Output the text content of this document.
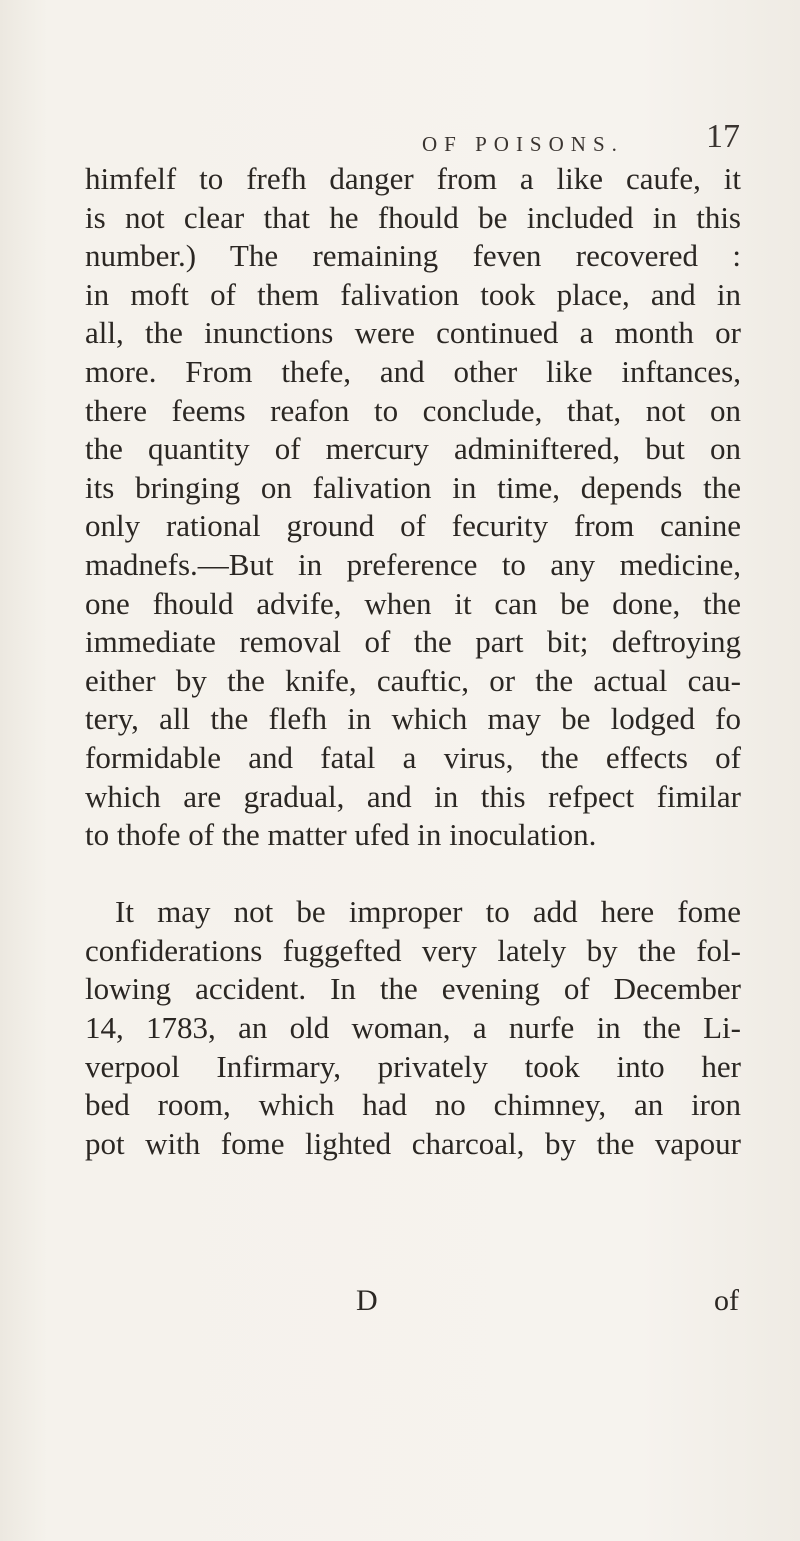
OF POISONS. 17
himfelf to frefh danger from a like caufe, it
is not clear that he fhould be included in this
number.) The remaining feven recovered :
in moft of them falivation took place, and in
all, the inunctions were continued a month or
more. From thefe, and other like inftances,
there feems reafon to conclude, that, not on
the quantity of mercury adminiftered, but on
its bringing on falivation in time, depends the
only rational ground of fecurity from canine
madnefs.—But in preference to any medicine,
one fhould advife, when it can be done, the
immediate removal of the part bit; deftroying
either by the knife, cauftic, or the actual cau-
tery, all the flefh in which may be lodged fo
formidable and fatal a virus, the effects of
which are gradual, and in this refpect fimilar
to thofe of the matter ufed in inoculation.
It may not be improper to add here fome
confiderations fuggefted very lately by the fol-
lowing accident. In the evening of December
14, 1783, an old woman, a nurfe in the Li-
verpool Infirmary, privately took into her
bed room, which had no chimney, an iron
pot with fome lighted charcoal, by the vapour
D	of
